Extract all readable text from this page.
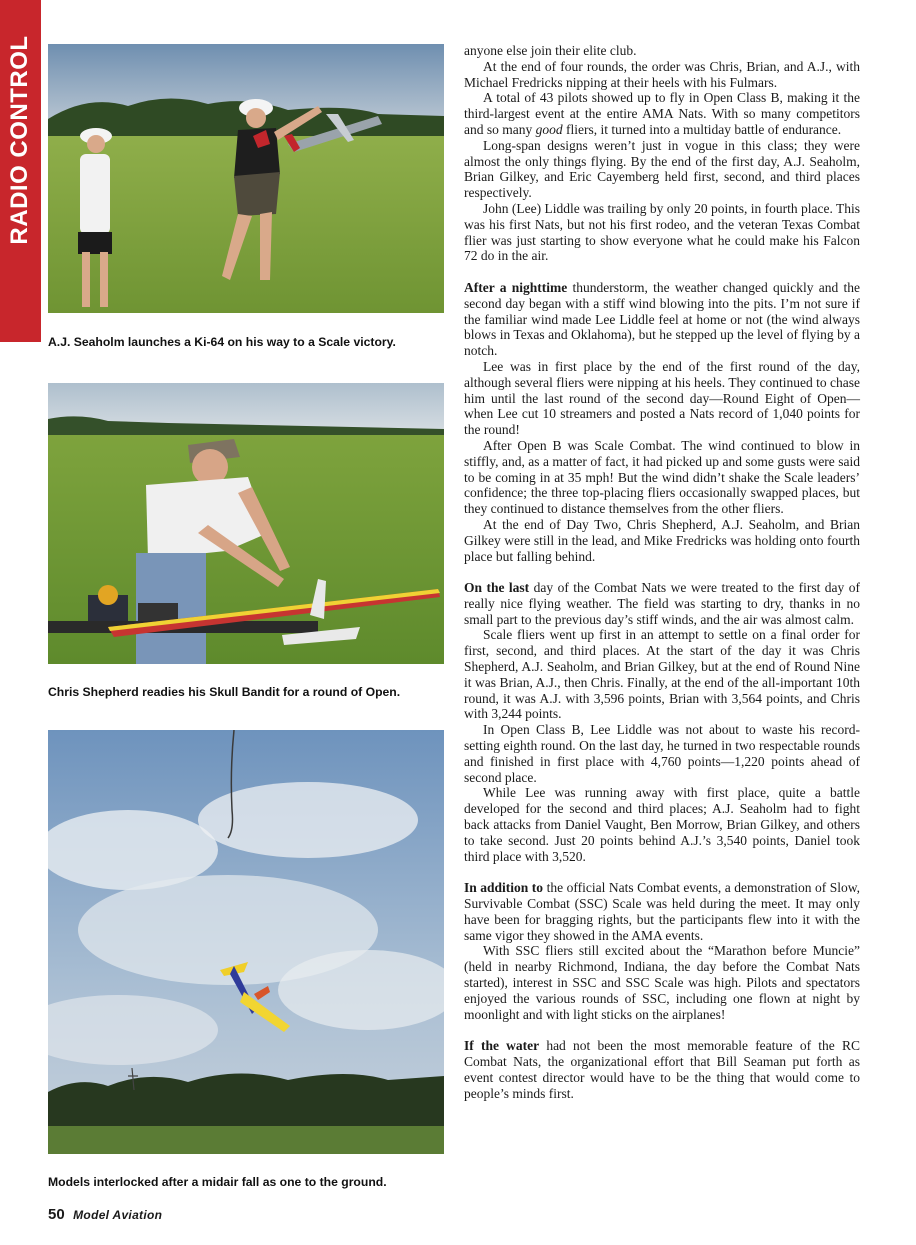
RADIO CONTROL
A.J. Seaholm launches a Ki-64 on his way to a Scale victory.
Chris Shepherd readies his Skull Bandit for a round of Open.
Models interlocked after a midair fall as one to the ground.

anyone else join their elite club.

At the end of four rounds, the order was Chris, Brian, and A.J., with Michael Fredricks nipping at their heels with his Fulmars.

A total of 43 pilots showed up to fly in Open Class B, making it the third-largest event at the entire AMA Nats. With so many competitors and so many good fliers, it turned into a multiday battle of endurance.

Long-span designs weren’t just in vogue in this class; they were almost the only things flying. By the end of the first day, A.J. Seaholm, Brian Gilkey, and Eric Cayemberg held first, second, and third places respectively.

John (Lee) Liddle was trailing by only 20 points, in fourth place. This was his first Nats, but not his first rodeo, and the veteran Texas Combat flier was just starting to show everyone what he could make his Falcon 72 do in the air.

After a nighttime thunderstorm, the weather changed quickly and the second day began with a stiff wind blowing into the pits. I’m not sure if the familiar wind made Lee Liddle feel at home or not (the wind always blows in Texas and Oklahoma), but he stepped up the level of flying by a notch.

Lee was in first place by the end of the first round of the day, although several fliers were nipping at his heels. They continued to chase him until the last round of the second day—Round Eight of Open—when Lee cut 10 streamers and posted a Nats record of 1,040 points for the round!

After Open B was Scale Combat. The wind continued to blow in stiffly, and, as a matter of fact, it had picked up and some gusts were said to be coming in at 35 mph! But the wind didn’t shake the Scale leaders’ confidence; the three top-placing fliers occasionally swapped places, but they continued to distance themselves from the other fliers.

At the end of Day Two, Chris Shepherd, A.J. Seaholm, and Brian Gilkey were still in the lead, and Mike Fredricks was holding onto fourth place but falling behind.

On the last day of the Combat Nats we were treated to the first day of really nice flying weather. The field was starting to dry, thanks in no small part to the previous day’s stiff winds, and the air was almost calm.

Scale fliers went up first in an attempt to settle on a final order for first, second, and third places. At the start of the day it was Chris Shepherd, A.J. Seaholm, and Brian Gilkey, but at the end of Round Nine it was Brian, A.J., then Chris. Finally, at the end of the all-important 10th round, it was A.J. with 3,596 points, Brian with 3,564 points, and Chris with 3,244 points.

In Open Class B, Lee Liddle was not about to waste his record-setting eighth round. On the last day, he turned in two respectable rounds and finished in first place with 4,760 points—1,220 points ahead of second place.

While Lee was running away with first place, quite a battle developed for the second and third places; A.J. Seaholm had to fight back attacks from Daniel Vaught, Ben Morrow, Brian Gilkey, and others to take second. Just 20 points behind A.J.’s 3,540 points, Daniel took third place with 3,520.

In addition to the official Nats Combat events, a demonstration of Slow, Survivable Combat (SSC) Scale was held during the meet. It may only have been for bragging rights, but the participants flew into it with the same vigor they showed in the AMA events.

With SSC fliers still excited about the “Marathon before Muncie” (held in nearby Richmond, Indiana, the day before the Combat Nats started), interest in SSC and SSC Scale was high. Pilots and spectators enjoyed the various rounds of SSC, including one flown at night by moonlight and with light sticks on the airplanes!

If the water had not been the most memorable feature of the RC Combat Nats, the organizational effort that Bill Seaman put forth as event contest director would have to be the thing that would come to people’s minds first.

50 Model Aviation
